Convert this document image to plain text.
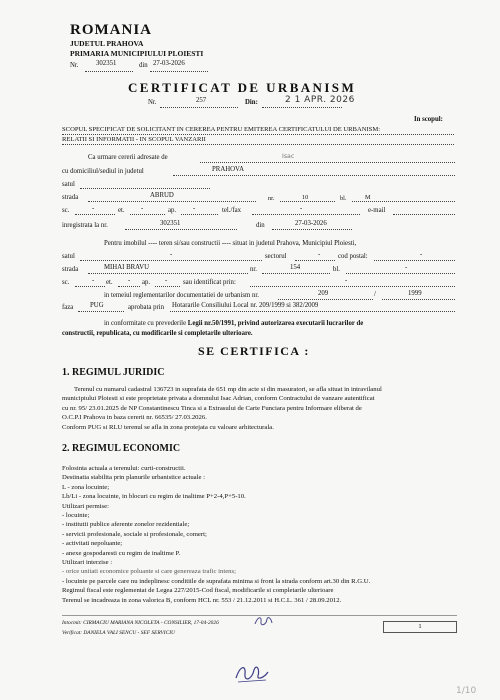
ROMANIA
JUDETUL PRAHOVA
PRIMARIA MUNICIPIULUI PLOIESTI
Nr.	302351	din 27-03-2026
CERTIFICAT DE URBANISM
Nr.	257	Din:	2 1 APR. 2026
In scopul:
SCOPUL SPECIFICAT DE SOLICITANT IN CEREREA PENTRU EMITEREA CERTIFICATULUI DE URBANISM:
RELATII SI INFORMATII - IN SCOPUL VANZARII
Ca urmare cererii adresate de	Isac
cu domiciliul/sediul in judetul	PRAHOVA
satul
strada	ABRUD	nr.	10	bl.	M
sc.	-	et. -	ap. -	tel./fax	-	e-mail
inregistrata la nr.	302351	din	27-03-2026
Pentru imobilul ---- teren si/sau constructii ---- situat in judetul Prahova, Municipiul Ploiesti,
satul	-	sectorul	-	cod postal:	-
strada	MIHAI BRAVU	nr.	154	bl.	-
sc.	- et. - ap. - sau identificat prin:	-
in temeiul reglementarilor documentatiei de urbanism nr.	209	/	1999
faza PUG	aprobata prin Hotararile Consiliului Local nr. 209/1999 si 382/2009
in conformitate cu prevederile Legii nr.50/1991, privind autorizarea executarii lucrarilor de
constructii, republicata, cu modificarile si completarile ulterioare.
SE CERTIFICA :
1. REGIMUL JURIDIC
Terenul cu numarul cadastral 136723 in suprafata de 651 mp din acte si din masuratori, se afla situat in intravilanul
municipiului Ploiesti si este proprietate privata a domnului Isac Adrian, conform Contractului de vanzare autentificat
cu nr. 95/ 23.01.2025 de NP Constantinescu Tinca si a Extrasului de Carte Funciara pentru Informare eliberat de
O.C.P.I Prahova in baza cererii nr. 66535/ 27.03.2026.
Conform PUG si RLU terenul se afla in zona protejata cu valoare arhitecturala.
2. REGIMUL ECONOMIC
Folosinta actuala a terenului: curti-constructii.
Destinatia stabilita prin planurile urbanistice actuale :
L - zona locuinte;
Lb/Li - zona locuinte, in blocuri cu regim de inaltime P+2-4,P+5-10.
Utilizari permise:
- locuinte;
- institutii publice aferente zonelor rezidentiale;
- servicii profesionale, sociale si profesionale, comert;
- activitati nepoluante;
- anexe gospodaresti cu regim de inaltime P.
Utilizari interzise :
- orice unitati economice poluante si care genereaza trafic intens;
- locuinte pe parcele care nu indeplinesc conditiile de suprafata minima si front la strada conform art.30 din R.G.U.
Regimul fiscal este reglementat de Legea 227/2015-Cod fiscal, modificarile si completarile ulterioare
Terenul se incadreaza in zona valorica B, conform HCL nr. 553 / 21.12.2011 si H.C.L. 361 / 28.09.2012.
Intocmit: CIRMACIU MARIANA NICOLETA - CONSILIER, 17-04-2026
Verificat: DANIELA VALI SENCU - SEF SERVICIU
1
1/10
